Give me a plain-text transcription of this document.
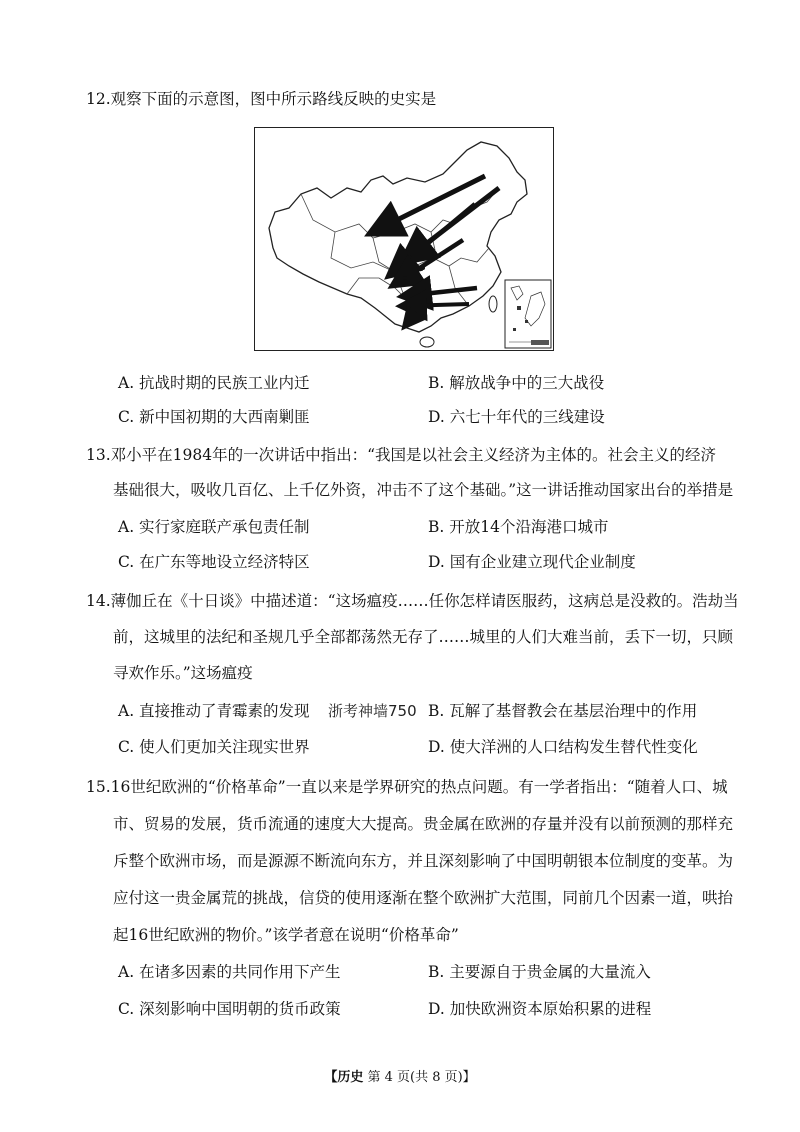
12.观察下面的示意图，图中所示路线反映的史实是
A. 抗战时期的民族工业内迁	B. 解放战争中的三大战役
C. 新中国初期的大西南剿匪	D. 六七十年代的三线建设
13.邓小平在1984年的一次讲话中指出：“我国是以社会主义经济为主体的。社会主义的经济
基础很大，吸收几百亿、上千亿外资，冲击不了这个基础。”这一讲话推动国家出台的举措是
A. 实行家庭联产承包责任制	B. 开放14个沿海港口城市
C. 在广东等地设立经济特区	D. 国有企业建立现代企业制度
14.薄伽丘在《十日谈》中描述道：“这场瘟疫……任你怎样请医服药，这病总是没救的。浩劫当
前，这城里的法纪和圣规几乎全部都荡然无存了……城里的人们大难当前，丢下一切，只顾
寻欢作乐。”这场瘟疫
A. 直接推动了青霉素的发现 浙考神墙750 B. 瓦解了基督教会在基层治理中的作用
C. 使人们更加关注现实世界	D. 使大洋洲的人口结构发生替代性变化
15.16世纪欧洲的“价格革命”一直以来是学界研究的热点问题。有一学者指出：“随着人口、城
市、贸易的发展，货币流通的速度大大提高。贵金属在欧洲的存量并没有以前预测的那样充
斥整个欧洲市场，而是源源不断流向东方，并且深刻影响了中国明朝银本位制度的变革。为
应付这一贵金属荒的挑战，信贷的使用逐渐在整个欧洲扩大范围，同前几个因素一道，哄抬
起16世纪欧洲的物价。”该学者意在说明“价格革命”
A. 在诸多因素的共同作用下产生	B. 主要源自于贵金属的大量流入
C. 深刻影响中国明朝的货币政策	D. 加快欧洲资本原始积累的进程
【历史 第 4 页(共 8 页)】
